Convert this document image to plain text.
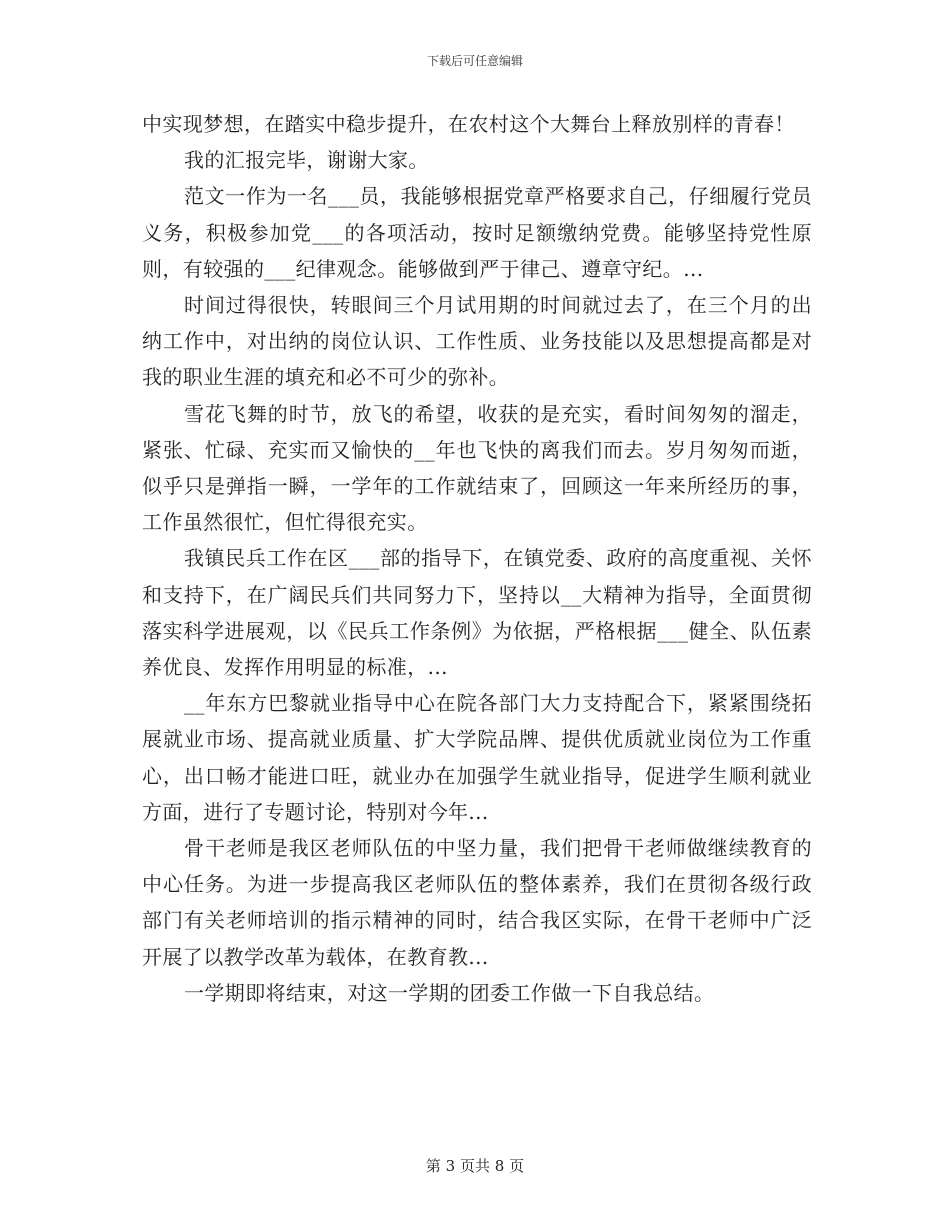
下载后可任意编辑

中实现梦想，在踏实中稳步提升，在农村这个大舞台上释放别样的青春！

我的汇报完毕，谢谢大家。

范文一作为一名___员，我能够根据党章严格要求自己，仔细履行党员义务，积极参加党___的各项活动，按时足额缴纳党费。能够坚持党性原则，有较强的___纪律观念。能够做到严于律己、遵章守纪。...

时间过得很快，转眼间三个月试用期的时间就过去了，在三个月的出纳工作中，对出纳的岗位认识、工作性质、业务技能以及思想提高都是对我的职业生涯的填充和必不可少的弥补。

雪花飞舞的时节，放飞的希望，收获的是充实，看时间匆匆的溜走，紧张、忙碌、充实而又愉快的__年也飞快的离我们而去。岁月匆匆而逝，似乎只是弹指一瞬，一学年的工作就结束了，回顾这一年来所经历的事，工作虽然很忙，但忙得很充实。

我镇民兵工作在区___部的指导下，在镇党委、政府的高度重视、关怀和支持下，在广阔民兵们共同努力下，坚持以__大精神为指导，全面贯彻落实科学进展观，以《民兵工作条例》为依据，严格根据___健全、队伍素养优良、发挥作用明显的标准，...

__年东方巴黎就业指导中心在院各部门大力支持配合下，紧紧围绕拓展就业市场、提高就业质量、扩大学院品牌、提供优质就业岗位为工作重心，出口畅才能进口旺，就业办在加强学生就业指导，促进学生顺利就业方面，进行了专题讨论，特别对今年...

骨干老师是我区老师队伍的中坚力量，我们把骨干老师做继续教育的中心任务。为进一步提高我区老师队伍的整体素养，我们在贯彻各级行政部门有关老师培训的指示精神的同时，结合我区实际，在骨干老师中广泛开展了以教学改革为载体，在教育教...

一学期即将结束，对这一学期的团委工作做一下自我总结。

第 3 页共 8 页
